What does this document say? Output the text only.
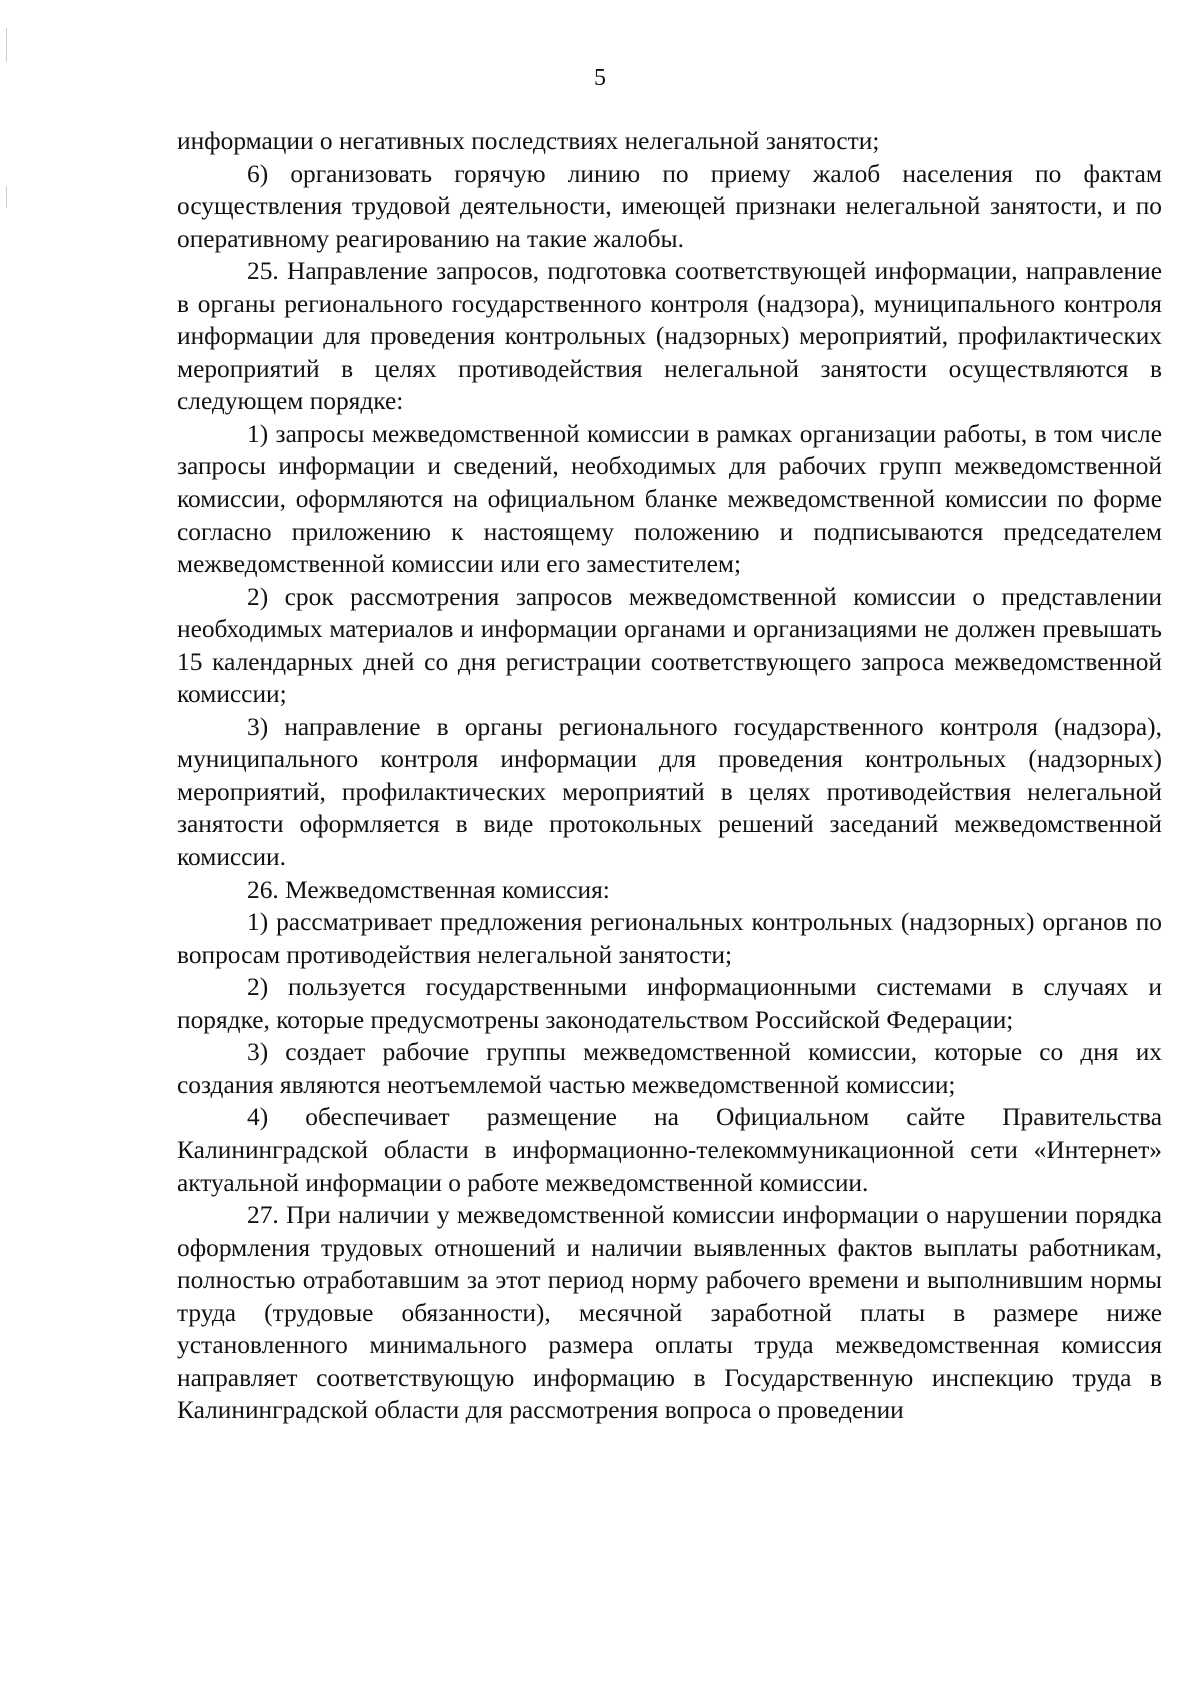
5

информации о негативных последствиях нелегальной занятости;

6) организовать горячую линию по приему жалоб населения по фактам осуществления трудовой деятельности, имеющей признаки нелегальной занятости, и по оперативному реагированию на такие жалобы.

25. Направление запросов, подготовка соответствующей информации, направление в органы регионального государственного контроля (надзора), муниципального контроля информации для проведения контрольных (надзорных) мероприятий, профилактических мероприятий в целях противодействия нелегальной занятости осуществляются в следующем порядке:

1) запросы межведомственной комиссии в рамках организации работы, в том числе запросы информации и сведений, необходимых для рабочих групп межведомственной комиссии, оформляются на официальном бланке межведомственной комиссии по форме согласно приложению к настоящему положению и подписываются председателем межведомственной комиссии или его заместителем;

2) срок рассмотрения запросов межведомственной комиссии о представлении необходимых материалов и информации органами и организациями не должен превышать 15 календарных дней со дня регистрации соответствующего запроса межведомственной комиссии;

3) направление в органы регионального государственного контроля (надзора), муниципального контроля информации для проведения контрольных (надзорных) мероприятий, профилактических мероприятий в целях противодействия нелегальной занятости оформляется в виде протокольных решений заседаний межведомственной комиссии.

26. Межведомственная комиссия:

1) рассматривает предложения региональных контрольных (надзорных) органов по вопросам противодействия нелегальной занятости;

2) пользуется государственными информационными системами в случаях и порядке, которые предусмотрены законодательством Российской Федерации;

3) создает рабочие группы межведомственной комиссии, которые со дня их создания являются неотъемлемой частью межведомственной комиссии;

4) обеспечивает размещение на Официальном сайте Правительства Калининградской области в информационно-телекоммуникационной сети «Интернет» актуальной информации о работе межведомственной комиссии.

27. При наличии у межведомственной комиссии информации о нарушении порядка оформления трудовых отношений и наличии выявленных фактов выплаты работникам, полностью отработавшим за этот период норму рабочего времени и выполнившим нормы труда (трудовые обязанности), месячной заработной платы в размере ниже установленного минимального размера оплаты труда межведомственная комиссия направляет соответствующую информацию в Государственную инспекцию труда в Калининградской области для рассмотрения вопроса о проведении
